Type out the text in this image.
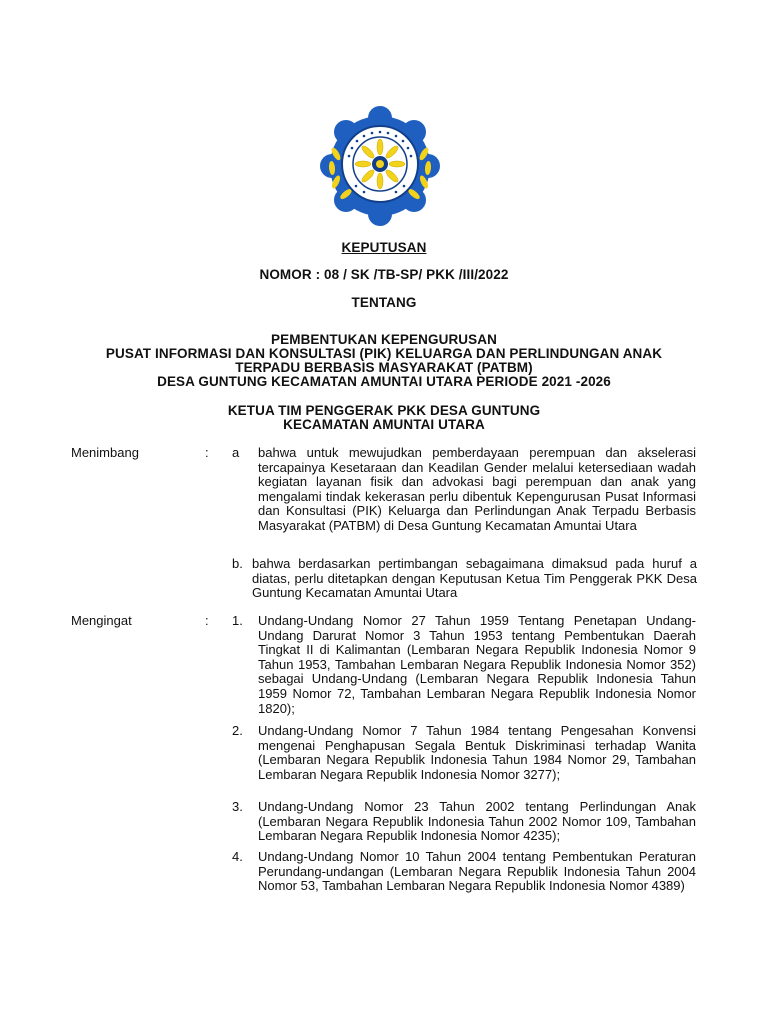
KEPUTUSAN
NOMOR : 08 / SK /TB-SP/ PKK /III/2022
TENTANG
PEMBENTUKAN KEPENGURUSAN
PUSAT INFORMASI DAN KONSULTASI (PIK) KELUARGA DAN PERLINDUNGAN ANAK
TERPADU BERBASIS MASYARAKAT (PATBM)
DESA GUNTUNG KECAMATAN AMUNTAI UTARA PERIODE 2021 -2026
KETUA TIM PENGGERAK PKK DESA GUNTUNG
KECAMATAN AMUNTAI UTARA
Menimbang	: a bahwa untuk mewujudkan pemberdayaan perempuan dan akselerasi tercapainya Kesetaraan dan Keadilan Gender melalui ketersediaan wadah kegiatan layanan fisik dan advokasi bagi perempuan dan anak yang mengalami tindak kekerasan perlu dibentuk Kepengurusan Pusat Informasi dan Konsultasi (PIK) Keluarga dan Perlindungan Anak Terpadu Berbasis Masyarakat (PATBM) di Desa Guntung Kecamatan Amuntai Utara

b. bahwa berdasarkan pertimbangan sebagaimana dimaksud pada huruf a diatas, perlu ditetapkan dengan Keputusan Ketua Tim Penggerak PKK Desa Guntung Kecamatan Amuntai Utara

Mengingat	: 1. Undang-Undang Nomor 27 Tahun 1959 Tentang Penetapan Undang-Undang Darurat Nomor 3 Tahun 1953 tentang Pembentukan Daerah Tingkat II di Kalimantan (Lembaran Negara Republik Indonesia Nomor 9 Tahun 1953, Tambahan Lembaran Negara Republik Indonesia Nomor 352) sebagai Undang-Undang (Lembaran Negara Republik Indonesia Tahun 1959 Nomor 72, Tambahan Lembaran Negara Republik Indonesia Nomor 1820);

2. Undang-Undang Nomor 7 Tahun 1984 tentang Pengesahan Konvensi mengenai Penghapusan Segala Bentuk Diskriminasi terhadap Wanita (Lembaran Negara Republik Indonesia Tahun 1984 Nomor 29, Tambahan Lembaran Negara Republik Indonesia Nomor 3277);

3. Undang-Undang Nomor 23 Tahun 2002 tentang Perlindungan Anak (Lembaran Negara Republik Indonesia Tahun 2002 Nomor 109, Tambahan Lembaran Negara Republik Indonesia Nomor 4235);

4. Undang-Undang Nomor 10 Tahun 2004 tentang Pembentukan Peraturan Perundang-undangan (Lembaran Negara Republik Indonesia Tahun 2004 Nomor 53, Tambahan Lembaran Negara Republik Indonesia Nomor 4389)
